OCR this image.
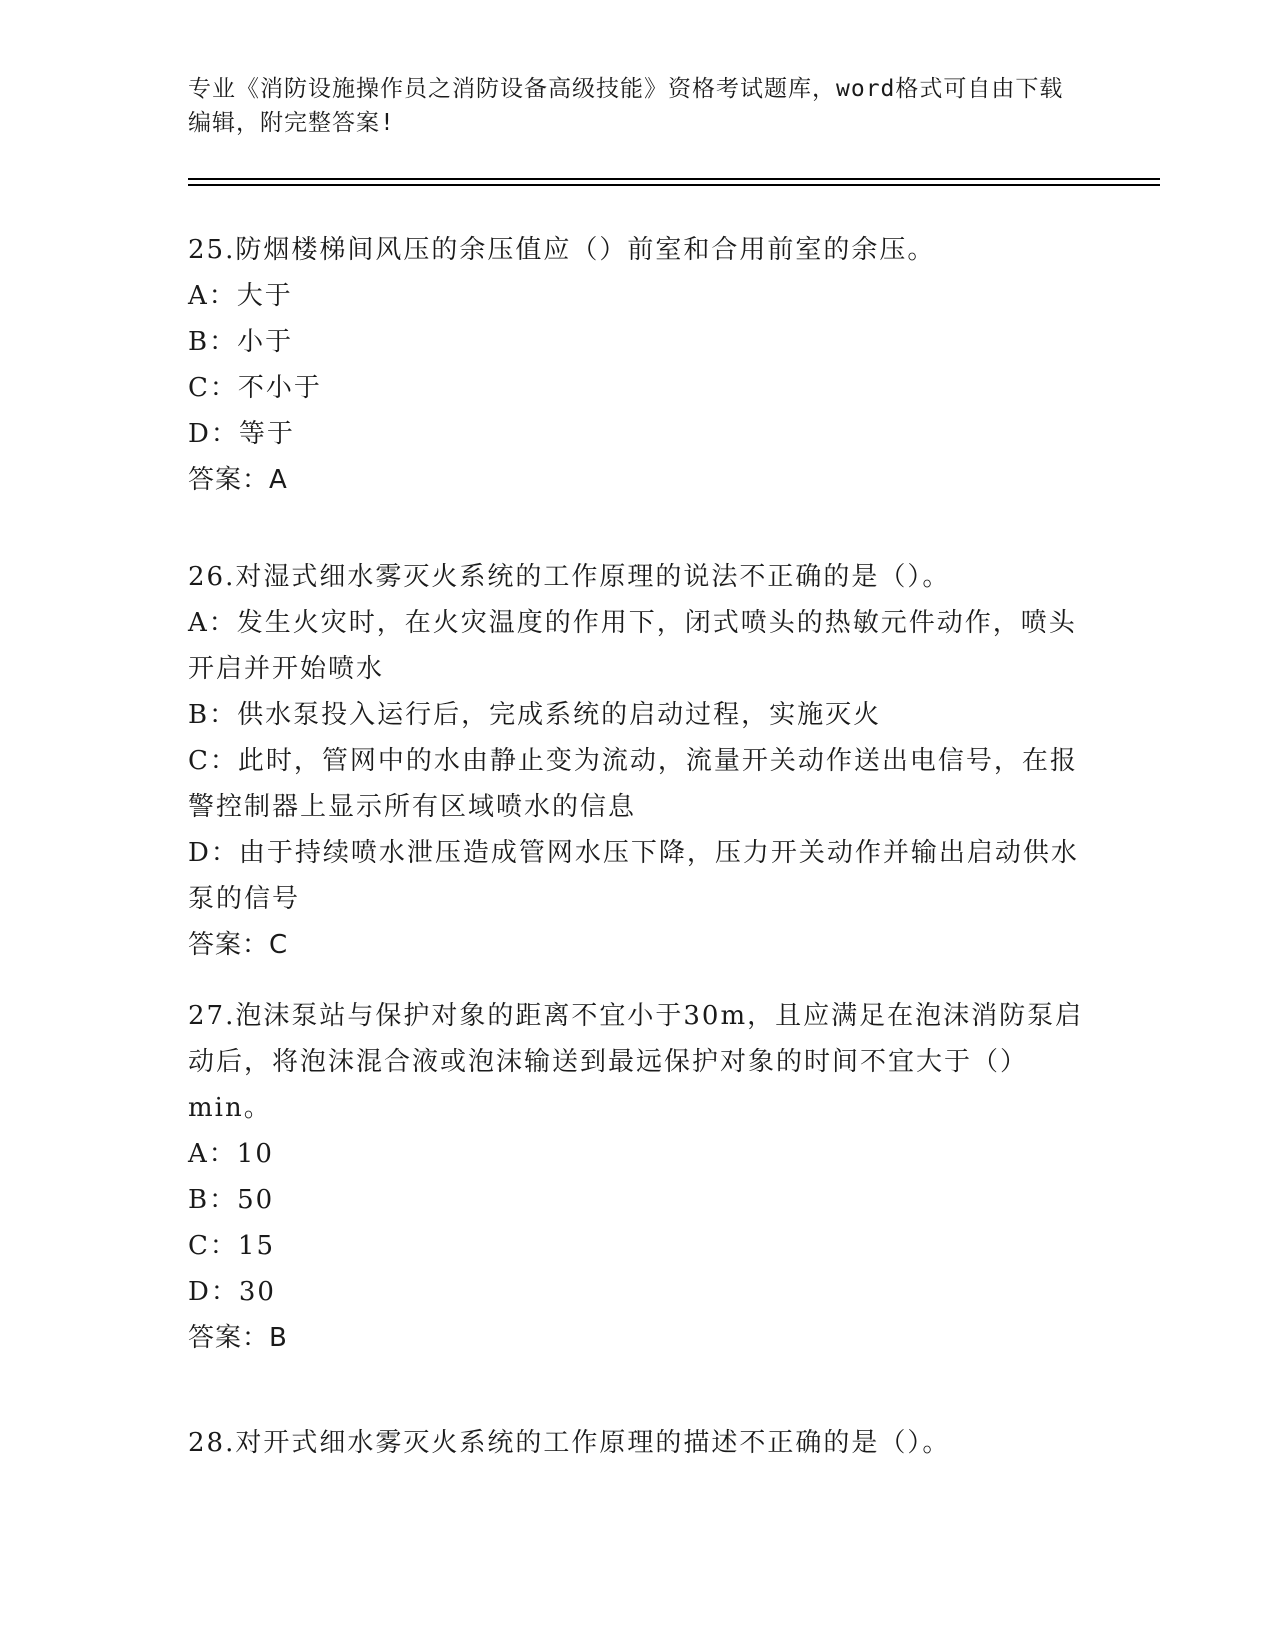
专业《消防设施操作员之消防设备高级技能》资格考试题库，word格式可自由下载编辑，附完整答案!
25.防烟楼梯间风压的余压值应（）前室和合用前室的余压。
A：大于
B：小于
C：不小于
D：等于
答案：A
26.对湿式细水雾灭火系统的工作原理的说法不正确的是（）。
A：发生火灾时，在火灾温度的作用下，闭式喷头的热敏元件动作，喷头开启并开始喷水
B：供水泵投入运行后，完成系统的启动过程，实施灭火
C：此时，管网中的水由静止变为流动，流量开关动作送出电信号，在报警控制器上显示所有区域喷水的信息
D：由于持续喷水泄压造成管网水压下降，压力开关动作并输出启动供水泵的信号
答案：C
27.泡沫泵站与保护对象的距离不宜小于30m，且应满足在泡沫消防泵启动后，将泡沫混合液或泡沫输送到最远保护对象的时间不宜大于（）min。
A：10
B：50
C：15
D：30
答案：B
28.对开式细水雾灭火系统的工作原理的描述不正确的是（）。
